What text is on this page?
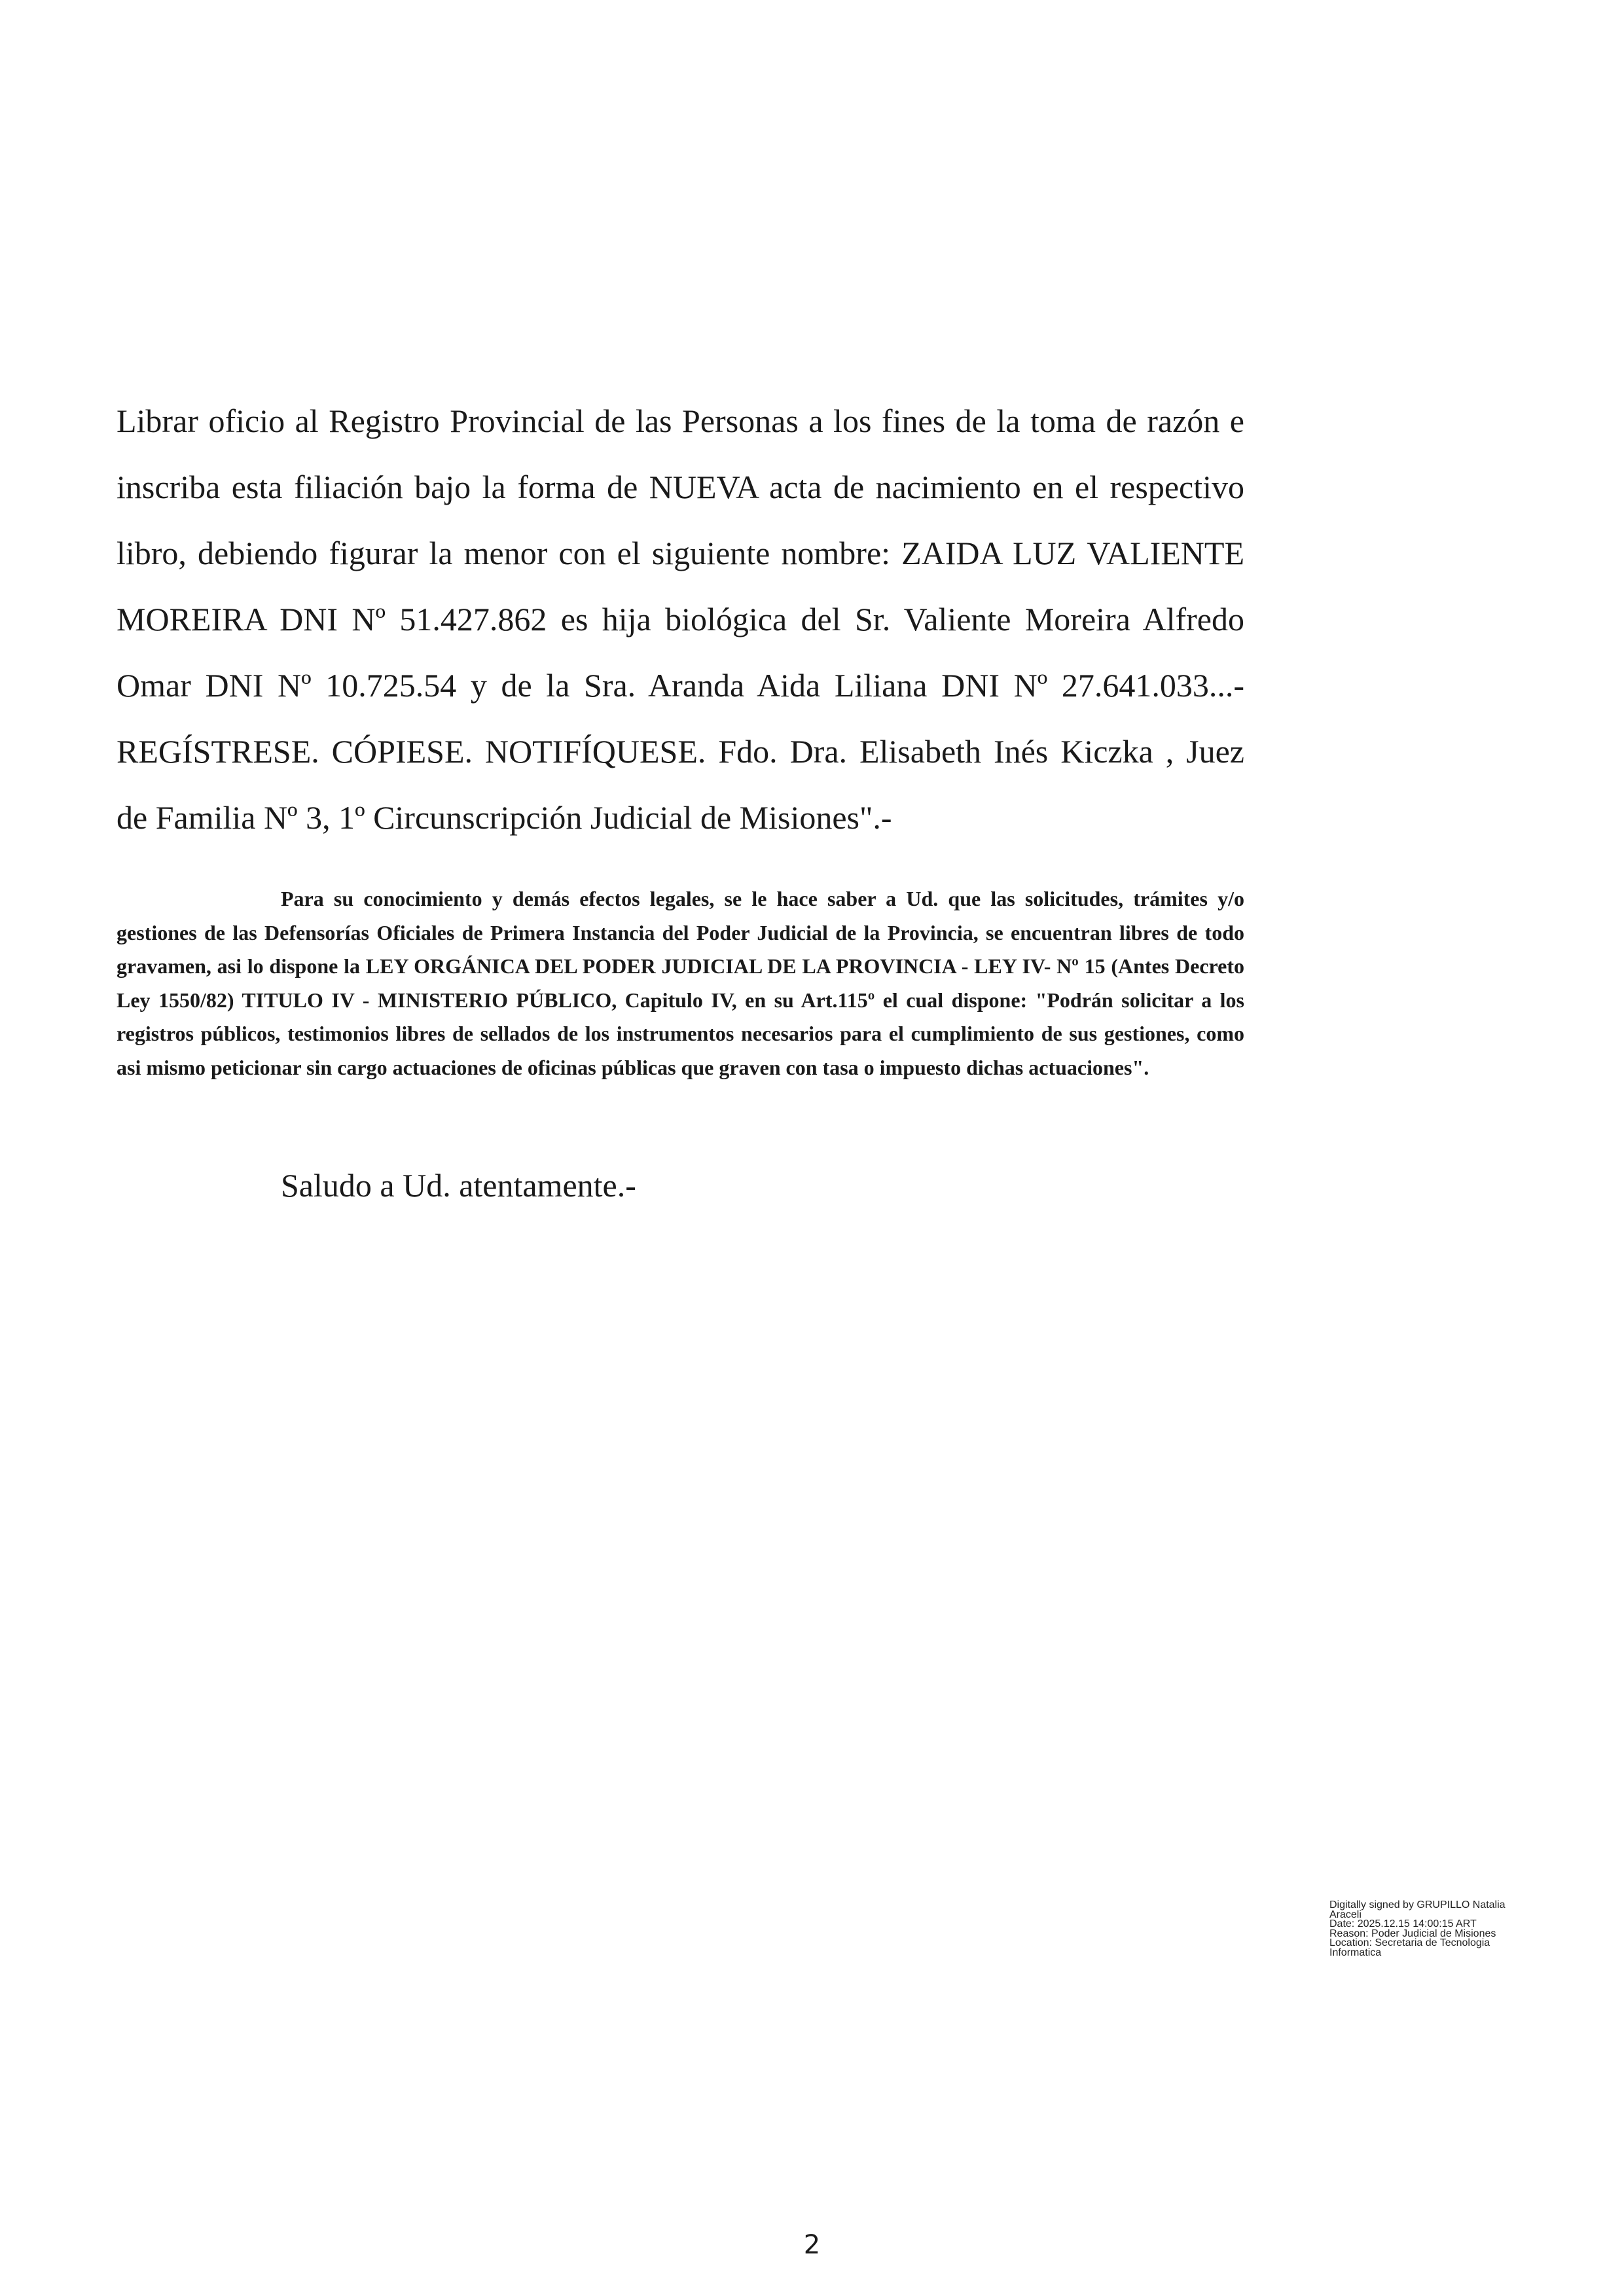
Librar oficio al Registro Provincial de las Personas a los fines de la toma de razón e inscriba esta filiación bajo la forma de NUEVA acta de nacimiento en el respectivo libro, debiendo figurar la menor con el siguiente nombre: ZAIDA LUZ VALIENTE MOREIRA DNI Nº 51.427.862 es hija biológica del Sr. Valiente Moreira Alfredo Omar DNI Nº 10.725.54 y de la Sra. Aranda Aida Liliana DNI Nº 27.641.033...- REGÍSTRESE. CÓPIESE. NOTIFÍQUESE. Fdo. Dra. Elisabeth Inés Kiczka , Juez de Familia Nº 3, 1º Circunscripción Judicial de Misiones".-

Para su conocimiento y demás efectos legales, se le hace saber a Ud. que las solicitudes, trámites y/o gestiones de las Defensorías Oficiales de Primera Instancia del Poder Judicial de la Provincia, se encuentran libres de todo gravamen, asi lo dispone la LEY ORGÁNICA DEL PODER JUDICIAL DE LA PROVINCIA - LEY IV- Nº 15 (Antes Decreto Ley 1550/82) TITULO IV - MINISTERIO PÚBLICO, Capitulo IV, en su Art.115º el cual dispone: "Podrán solicitar a los registros públicos, testimonios libres de sellados de los instrumentos necesarios para el cumplimiento de sus gestiones, como asi mismo peticionar sin cargo actuaciones de oficinas públicas que graven con tasa o impuesto dichas actuaciones".

Saludo a Ud. atentamente.-

Digitally signed by GRUPILLO Natalia Araceli
Date: 2025.12.15 14:00:15 ART
Reason: Poder Judicial de Misiones
Location: Secretaria de Tecnologia Informatica
2
